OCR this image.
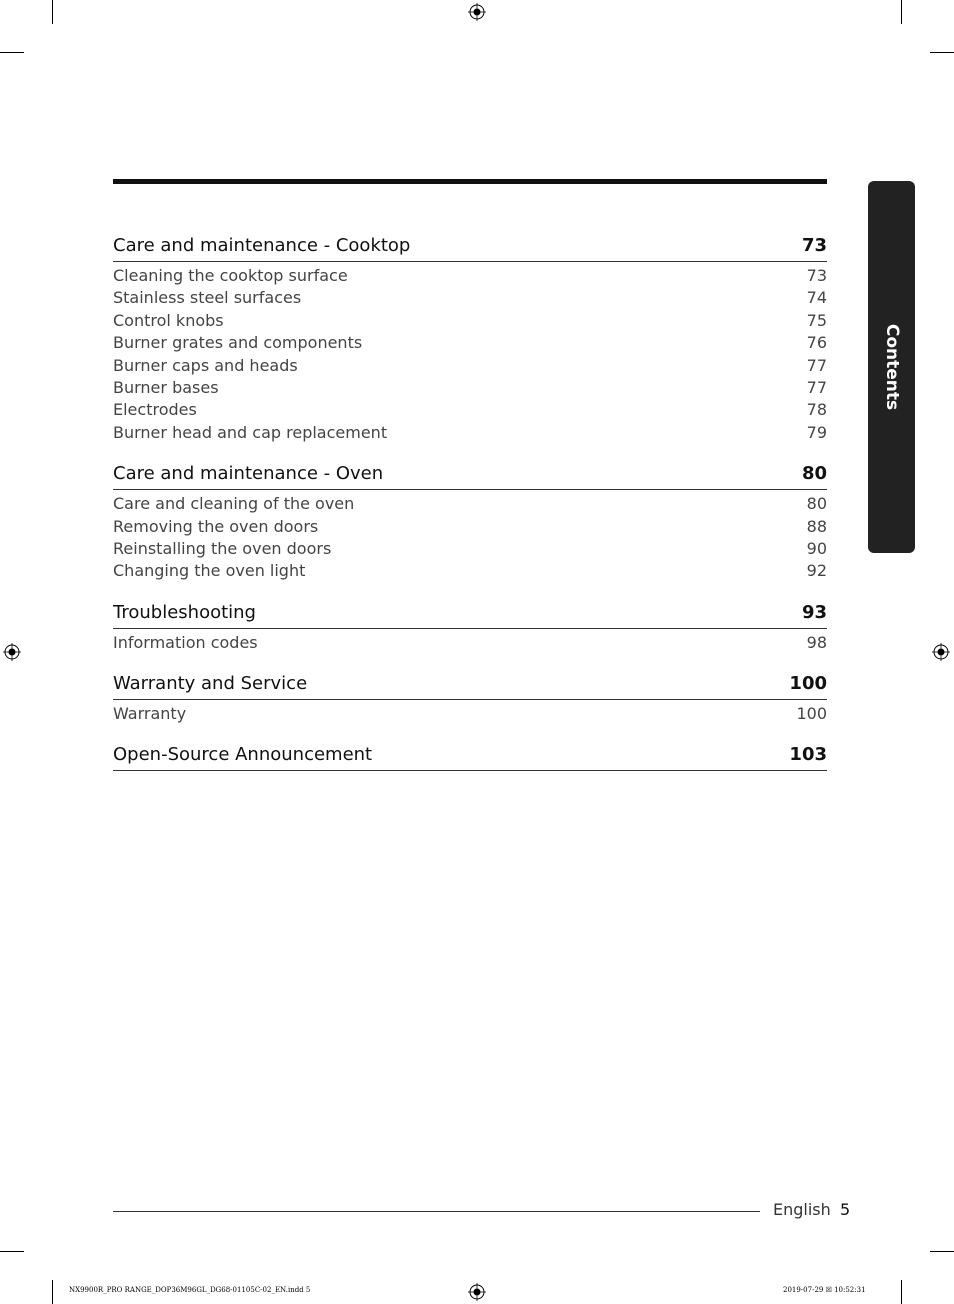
Care and maintenance - Cooktop	73
Cleaning the cooktop surface	73
Stainless steel surfaces	74
Control knobs	75
Burner grates and components	76
Burner caps and heads	77
Burner bases	77
Electrodes	78
Burner head and cap replacement	79
Care and maintenance - Oven	80
Care and cleaning of the oven	80
Removing the oven doors	88
Reinstalling the oven doors	90
Changing the oven light	92
Troubleshooting	93
Information codes	98
Warranty and Service	100
Warranty	100
Open-Source Announcement	103
Contents
English 5
NX9900R_PRO RANGE_DOP36M96GL_DG68-01105C-02_EN.indd 5	2019-07-29 ☒ 10:52:31
